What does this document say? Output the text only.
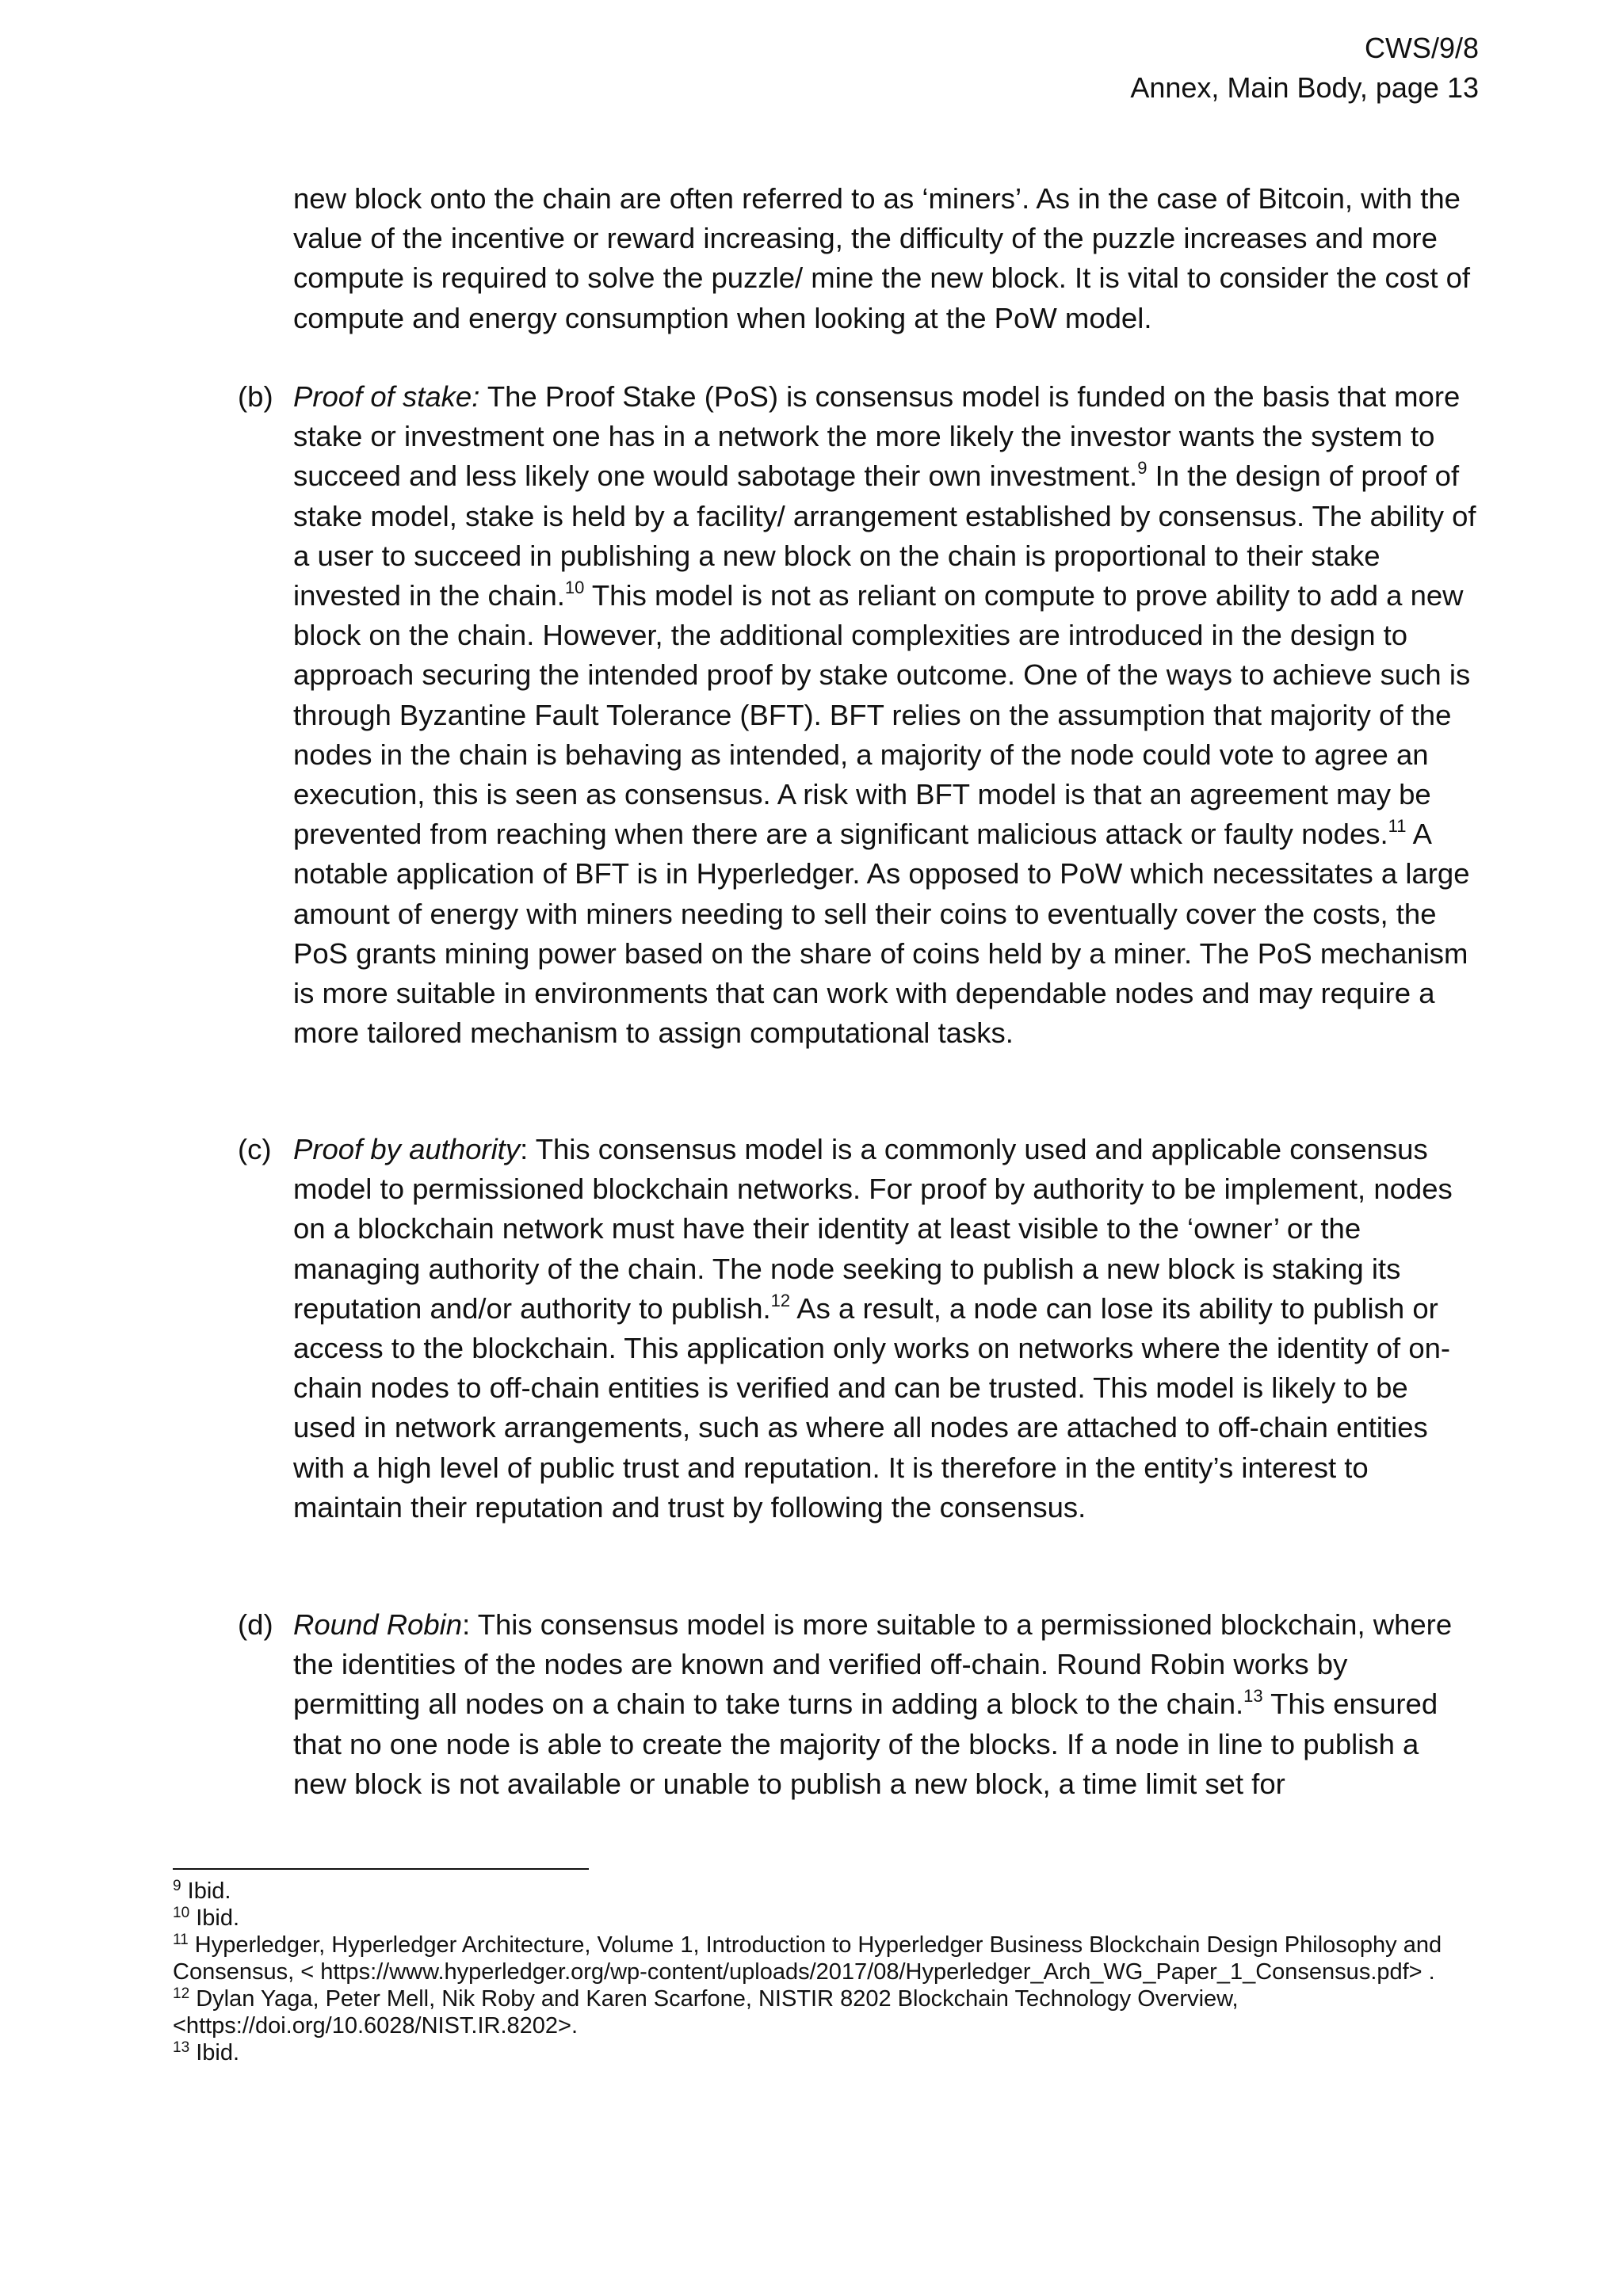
CWS/9/8
Annex, Main Body, page 13
new block onto the chain are often referred to as ‘miners’. As in the case of Bitcoin, with the value of the incentive or reward increasing, the difficulty of the puzzle increases and more compute is required to solve the puzzle/ mine the new block. It is vital to consider the cost of compute and energy consumption when looking at the PoW model.
(b) Proof of stake: The Proof Stake (PoS) is consensus model is funded on the basis that more stake or investment one has in a network the more likely the investor wants the system to succeed and less likely one would sabotage their own investment.$^9$ In the design of proof of stake model, stake is held by a facility/ arrangement established by consensus. The ability of a user to succeed in publishing a new block on the chain is proportional to their stake invested in the chain.$^{10}$ This model is not as reliant on compute to prove ability to add a new block on the chain. However, the additional complexities are introduced in the design to approach securing the intended proof by stake outcome. One of the ways to achieve such is through Byzantine Fault Tolerance (BFT). BFT relies on the assumption that majority of the nodes in the chain is behaving as intended, a majority of the node could vote to agree an execution, this is seen as consensus. A risk with BFT model is that an agreement may be prevented from reaching when there are a significant malicious attack or faulty nodes.$^{11}$ A notable application of BFT is in Hyperledger. As opposed to PoW which necessitates a large amount of energy with miners needing to sell their coins to eventually cover the costs, the PoS grants mining power based on the share of coins held by a miner. The PoS mechanism is more suitable in environments that can work with dependable nodes and may require a more tailored mechanism to assign computational tasks.
(c) Proof by authority: This consensus model is a commonly used and applicable consensus model to permissioned blockchain networks. For proof by authority to be implement, nodes on a blockchain network must have their identity at least visible to the ‘owner’ or the managing authority of the chain. The node seeking to publish a new block is staking its reputation and/or authority to publish.$^{12}$ As a result, a node can lose its ability to publish or access to the blockchain. This application only works on networks where the identity of on-chain nodes to off-chain entities is verified and can be trusted. This model is likely to be used in network arrangements, such as where all nodes are attached to off-chain entities with a high level of public trust and reputation. It is therefore in the entity’s interest to maintain their reputation and trust by following the consensus.
(d) Round Robin: This consensus model is more suitable to a permissioned blockchain, where the identities of the nodes are known and verified off-chain. Round Robin works by permitting all nodes on a chain to take turns in adding a block to the chain.$^{13}$ This ensured that no one node is able to create the majority of the blocks. If a node in line to publish a new block is not available or unable to publish a new block, a time limit set for

$^9$ Ibid.

$^{10}$ Ibid.

$^{11}$ Hyperledger, Hyperledger Architecture, Volume 1, Introduction to Hyperledger Business Blockchain Design Philosophy and Consensus, < https://www.hyperledger.org/wp-content/uploads/2017/08/Hyperledger_Arch_WG_Paper_1_Consensus.pdf> .

$^{12}$ Dylan Yaga, Peter Mell, Nik Roby and Karen Scarfone, NISTIR 8202 Blockchain Technology Overview, <https://doi.org/10.6028/NIST.IR.8202>.

$^{13}$ Ibid.
